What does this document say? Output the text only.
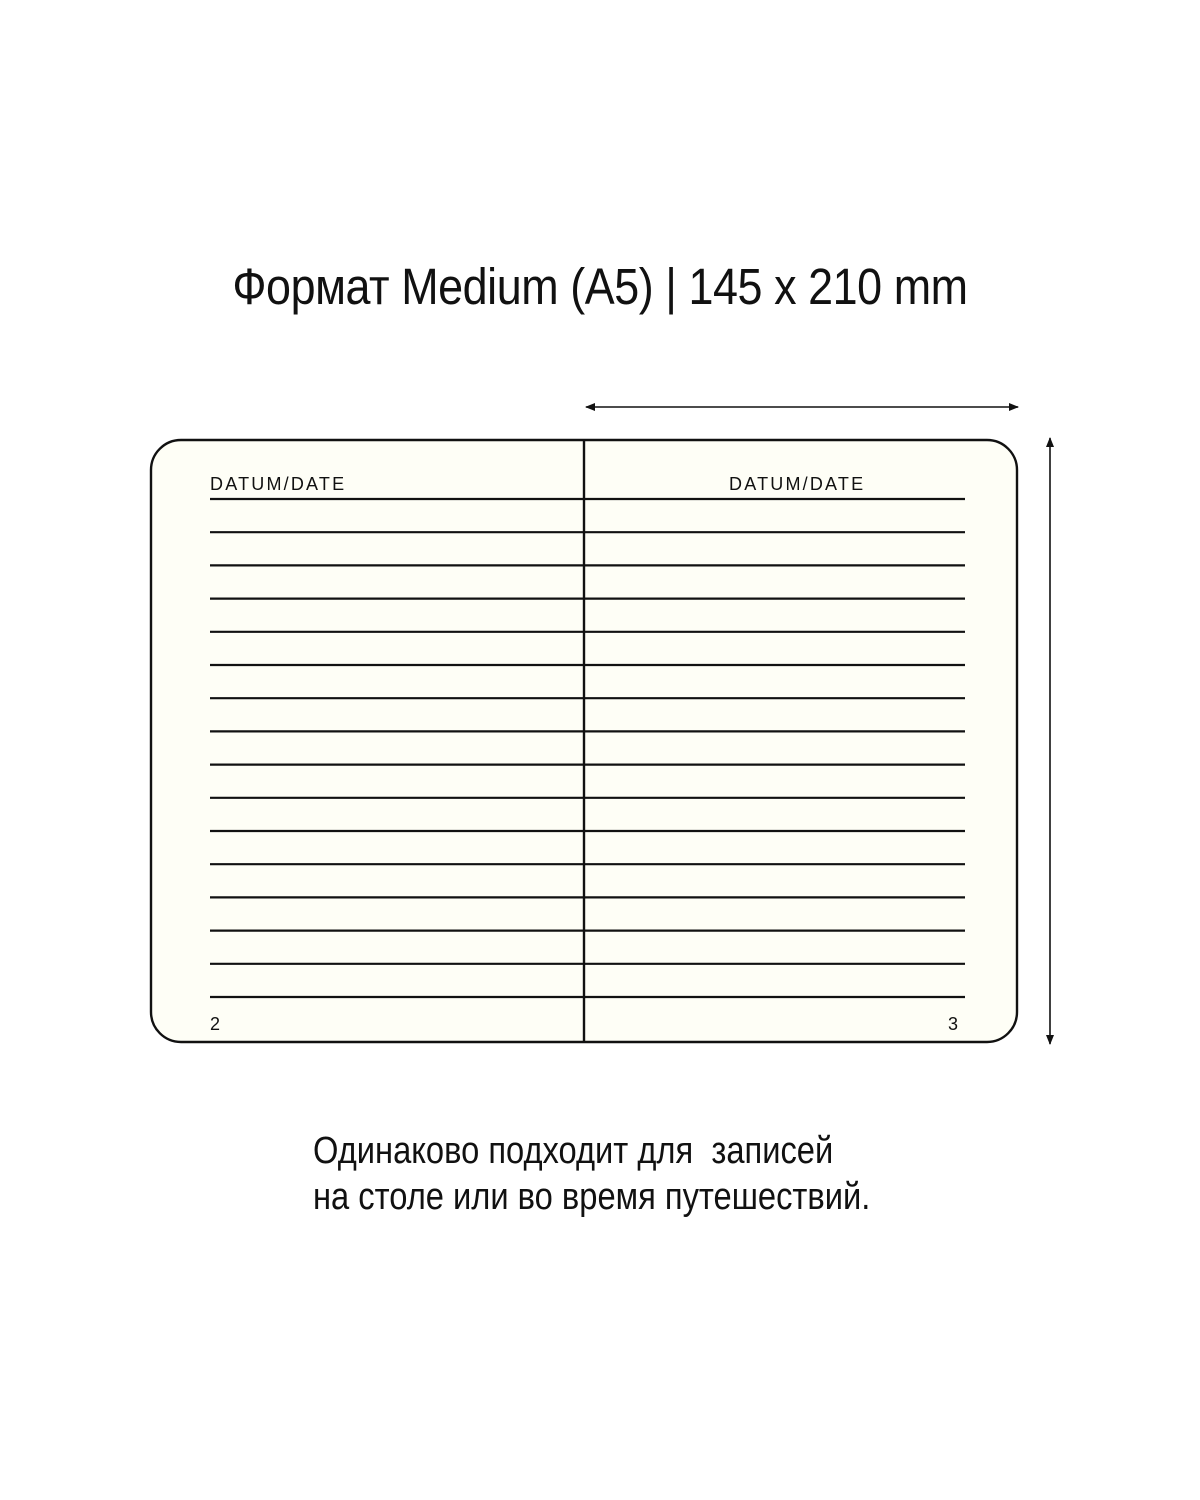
Формат Medium (A5) | 145 x 210 mm
DATUM/DATE	DATUM/DATE
2	3
Одинаково подходит для  записей
на столе или во время путешествий.
